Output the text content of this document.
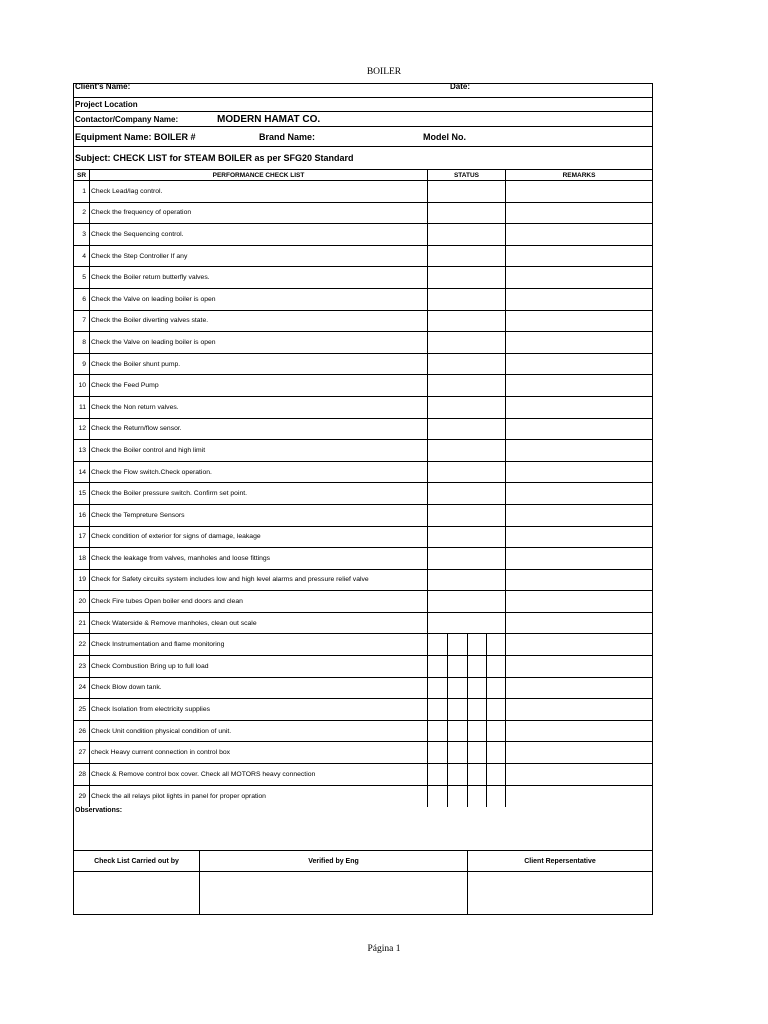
BOILER
Client's Name:	Date:
Project Location
Contactor/Company Name:	MODERN HAMAT CO.
Equipment Name: BOILER #	Brand Name:	Model No.
Subject: CHECK LIST for STEAM BOILER as per SFG20 Standard
SR	PERFORMANCE CHECK LIST	STATUS	REMARKS
1 Check Lead/lag control.
2 Check the frequency of operation
3 Check the Sequencing control.
4 Check the Step Controller If any
5 Check the Boiler return butterfly valves.
6 Check the Valve on leading boiler is open
7 Check the Boiler diverting valves state.
8 Check the Valve on leading boiler is open
9 Check the Boiler shunt pump.
10 Check the Feed Pump
11 Check the Non return valves.
12 Check the Return/flow sensor.
13 Check the Boiler control and high limit
14 Check the Flow switch.Check operation.
15 Check the Boiler pressure switch. Confirm set point.
16 Check the Tempreture Sensors
17 Check condition of exterior for signs of damage, leakage
18 Check the leakage from valves, manholes and loose fittings
19 Check for Safety circuits system includes low and high level alarms and pressure relief valve
20 Check Fire tubes Open boiler end doors and clean
21 Check Waterside & Remove manholes, clean out scale
22 Check Instrumentation and flame monitoring
23 Check Combustion Bring up to full load
24 Check Blow down tank.
25 Check Isolation from electricity supplies
26 Check Unit condition physical condition of unit.
27 check Heavy current connection in control box
28 Check & Remove control box cover. Check all MOTORS heavy connection
29 Check the all relays pilot lights in panel for proper opration
Observations:
Check List Carried out by	Verified by Eng	Client Repersentative
Página 1
